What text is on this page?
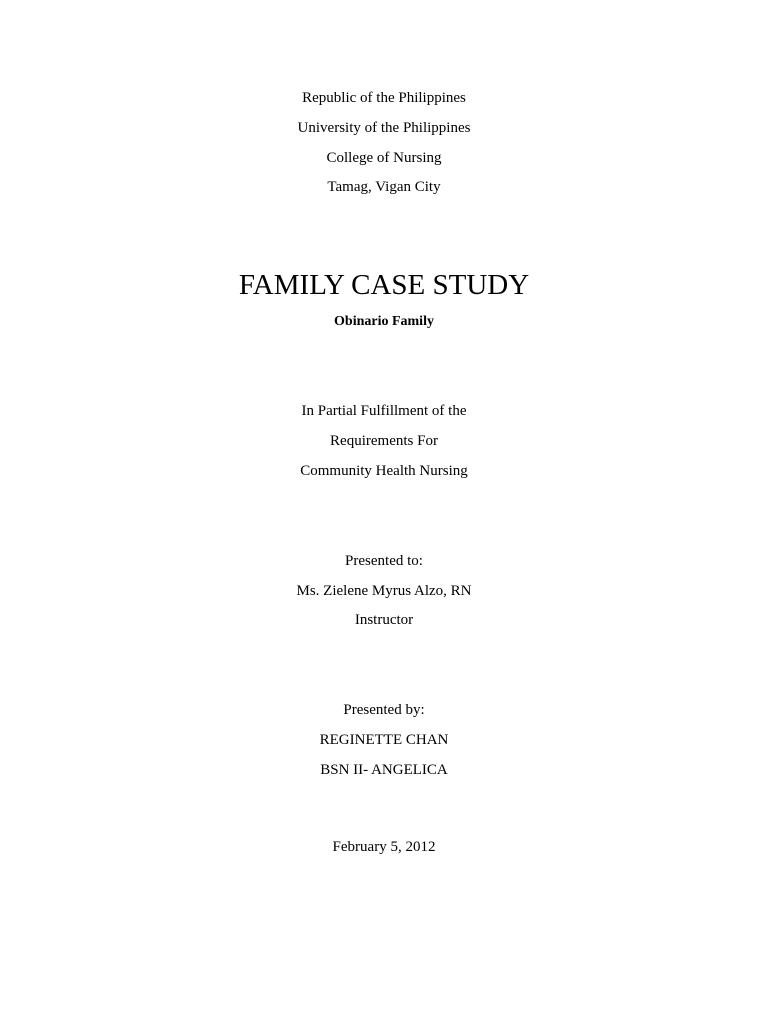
Republic of the Philippines
University of the Philippines
College of Nursing
Tamag, Vigan City
FAMILY CASE STUDY
Obinario Family
In Partial Fulfillment of the
Requirements For
Community Health Nursing
Presented to:
Ms. Zielene Myrus Alzo, RN
Instructor
Presented by:
REGINETTE CHAN
BSN II- ANGELICA
February 5, 2012
